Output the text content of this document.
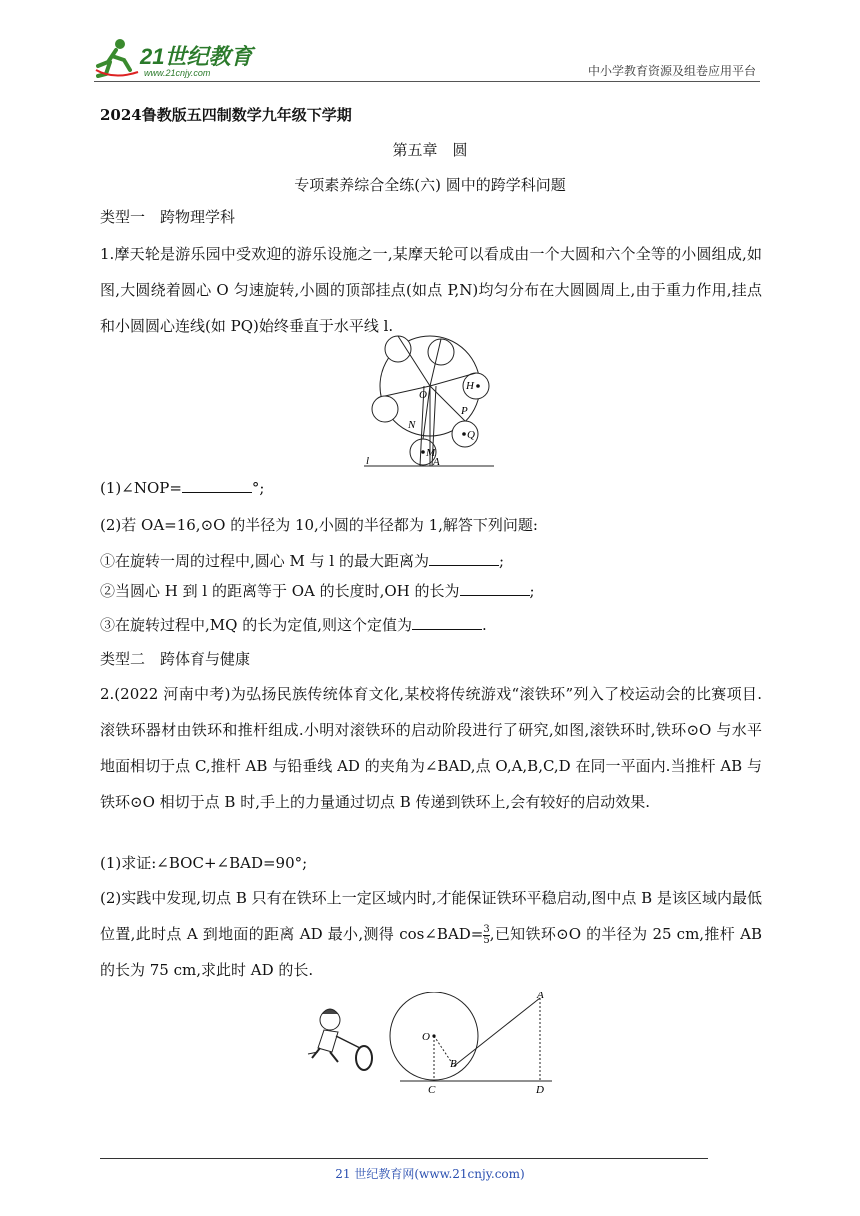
21世纪教育
www.21cnjy.com	中小学教育资源及组卷应用平台
2024鲁教版五四制数学九年级下学期
第五章　圆
专项素养综合全练(六) 圆中的跨学科问题
类型一　跨物理学科
1.摩天轮是游乐园中受欢迎的游乐设施之一,某摩天轮可以看成由一个大圆和六个全等的小圆组成,如图,大圆绕着圆心 O 匀速旋转,小圆的顶部挂点(如点 P,N)均匀分布在大圆圆周上,由于重力作用,挂点和小圆圆心连线(如 PQ)始终垂直于水平线 l.
O
H
P
N
Q
M
A
l
(1)∠NOP=	°;
(2)若 OA=16,⊙O 的半径为 10,小圆的半径都为 1,解答下列问题:
①在旋转一周的过程中,圆心 M 与 l 的最大距离为	;
②当圆心 H 到 l 的距离等于 OA 的长度时,OH 的长为	;
③在旋转过程中,MQ 的长为定值,则这个定值为	.
类型二　跨体育与健康
2.(2022 河南中考)为弘扬民族传统体育文化,某校将传统游戏“滚铁环”列入了校运动会的比赛项目.滚铁环器材由铁环和推杆组成.小明对滚铁环的启动阶段进行了研究,如图,滚铁环时,铁环⊙O 与水平地面相切于点 C,推杆 AB 与铅垂线 AD 的夹角为∠BAD,点 O,A,B,C,D 在同一平面内.当推杆 AB 与铁环⊙O 相切于点 B 时,手上的力量通过切点 B 传递到铁环上,会有较好的启动效果.
(1)求证:∠BOC+∠BAD=90°;
(2)实践中发现,切点 B 只有在铁环上一定区域内时,才能保证铁环平稳启动,图中点 B 是该区域内最低位置,此时点 A 到地面的距离 AD 最小,测得 cos∠BAD= $\frac{3}{5}$ ,已知铁环⊙O 的半径为 25 cm,推杆 AB 的长为 75 cm,求此时 AD 的长.
O
B
C	D
A
21 世纪教育网(www.21cnjy.com)
